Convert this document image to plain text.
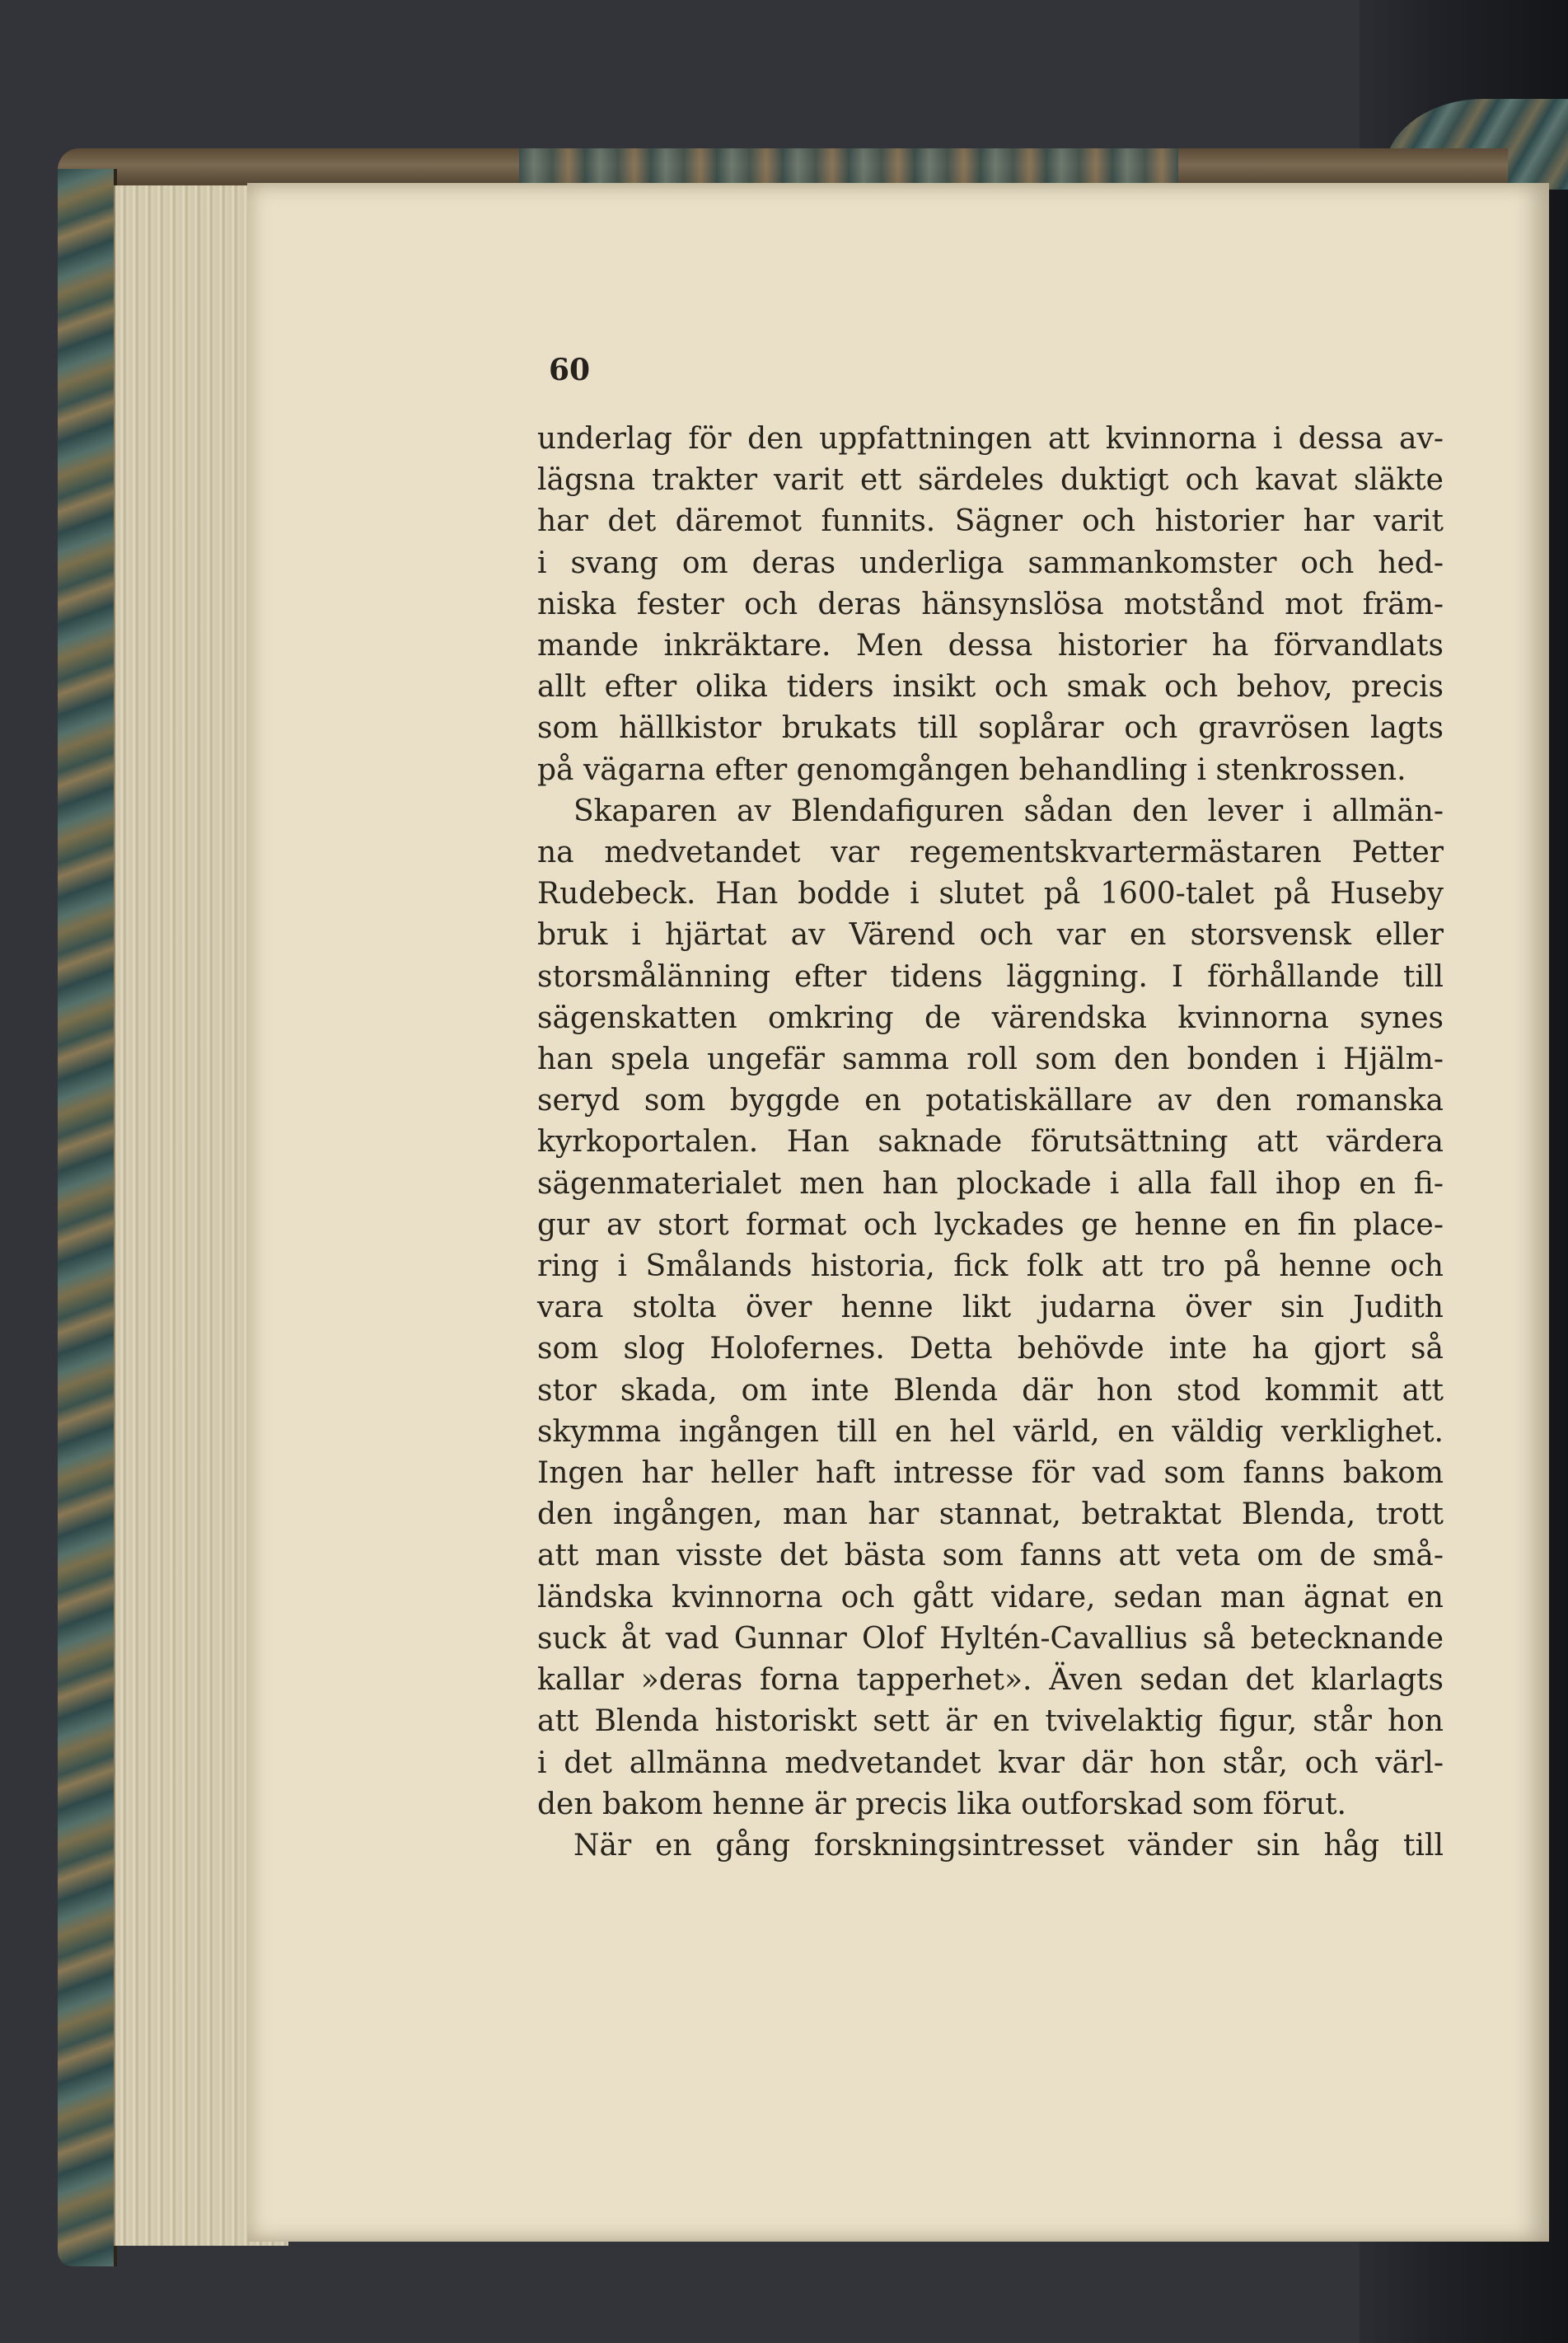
60
underlag för den uppfattningen att kvinnorna i dessa av-
lägsna trakter varit ett särdeles duktigt och kavat släkte
har det däremot funnits. Sägner och historier har varit
i svang om deras underliga sammankomster och hed-
niska fester och deras hänsynslösa motstånd mot främ-
mande inkräktare. Men dessa historier ha förvandlats
allt efter olika tiders insikt och smak och behov, precis
som hällkistor brukats till soplårar och gravrösen lagts
på vägarna efter genomgången behandling i stenkrossen.
Skaparen av Blendafiguren sådan den lever i allmän-
na medvetandet var regementskvartermästaren Petter
Rudebeck. Han bodde i slutet på 1600-talet på Huseby
bruk i hjärtat av Värend och var en storsvensk eller
storsmålänning efter tidens läggning. I förhållande till
sägenskatten omkring de värendska kvinnorna synes
han spela ungefär samma roll som den bonden i Hjälm-
seryd som byggde en potatiskällare av den romanska
kyrkoportalen. Han saknade förutsättning att värdera
sägenmaterialet men han plockade i alla fall ihop en fi-
gur av stort format och lyckades ge henne en fin place-
ring i Smålands historia, fick folk att tro på henne och
vara stolta över henne likt judarna över sin Judith
som slog Holofernes. Detta behövde inte ha gjort så
stor skada, om inte Blenda där hon stod kommit att
skymma ingången till en hel värld, en väldig verklighet.
Ingen har heller haft intresse för vad som fanns bakom
den ingången, man har stannat, betraktat Blenda, trott
att man visste det bästa som fanns att veta om de små-
ländska kvinnorna och gått vidare, sedan man ägnat en
suck åt vad Gunnar Olof Hyltén-Cavallius så betecknande
kallar »deras forna tapperhet». Även sedan det klarlagts
att Blenda historiskt sett är en tvivelaktig figur, står hon
i det allmänna medvetandet kvar där hon står, och värl-
den bakom henne är precis lika outforskad som förut.
När en gång forskningsintresset vänder sin håg till
